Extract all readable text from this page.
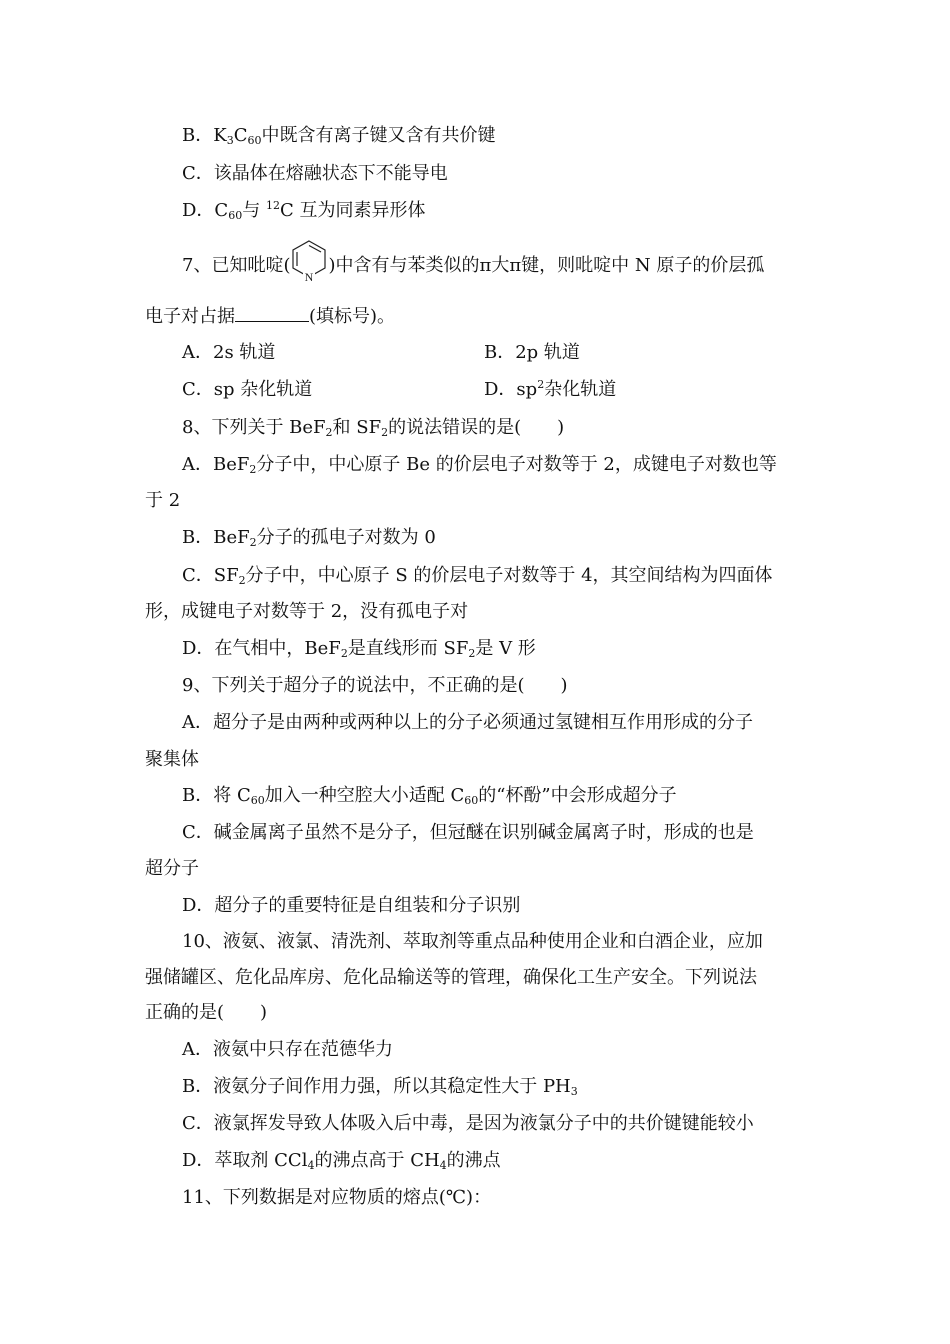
B．$K_3C_{60}$中既含有离子键又含有共价键
C．该晶体在熔融状态下不能导电
D．$C_{60}$与 $^{12}$C 互为同素异形体
7、已知吡啶(
N
)中含有与苯类似的π大π键，则吡啶中 N 原子的价层孤
电子对占据	(填标号)。
A．2s 轨道	B．2p 轨道
C．sp 杂化轨道	D．$sp^2$杂化轨道
8、下列关于 BeF$_2$和 $SF_2$的说法错误的是(　　)
A．BeF$_2$分子中，中心原子 Be 的价层电子对数等于 2，成键电子对数也等
于 2
B．BeF$_2$分子的孤电子对数为 0
C．$SF_2$分子中，中心原子 S 的价层电子对数等于 4，其空间结构为四面体
形，成键电子对数等于 2，没有孤电子对
D．在气相中，BeF$_2$是直线形而 $SF_2$是 V 形
9、下列关于超分子的说法中，不正确的是(　　)
A．超分子是由两种或两种以上的分子必须通过氢键相互作用形成的分子
聚集体
B．将 $C_{60}$加入一种空腔大小适配 $C_{60}$的“杯酚”中会形成超分子
C．碱金属离子虽然不是分子，但冠醚在识别碱金属离子时，形成的也是
超分子
D．超分子的重要特征是自组装和分子识别
10、液氨、液氯、清洗剂、萃取剂等重点品种使用企业和白酒企业，应加
强储罐区、危化品库房、危化品输送等的管理，确保化工生产安全。下列说法
正确的是(　　)
A．液氨中只存在范德华力
B．液氨分子间作用力强，所以其稳定性大于 $PH_3$
C．液氯挥发导致人体吸入后中毒，是因为液氯分子中的共价键键能较小
D．萃取剂 CCl$_4$的沸点高于 $CH_4$的沸点
11、下列数据是对应物质的熔点(℃)：
